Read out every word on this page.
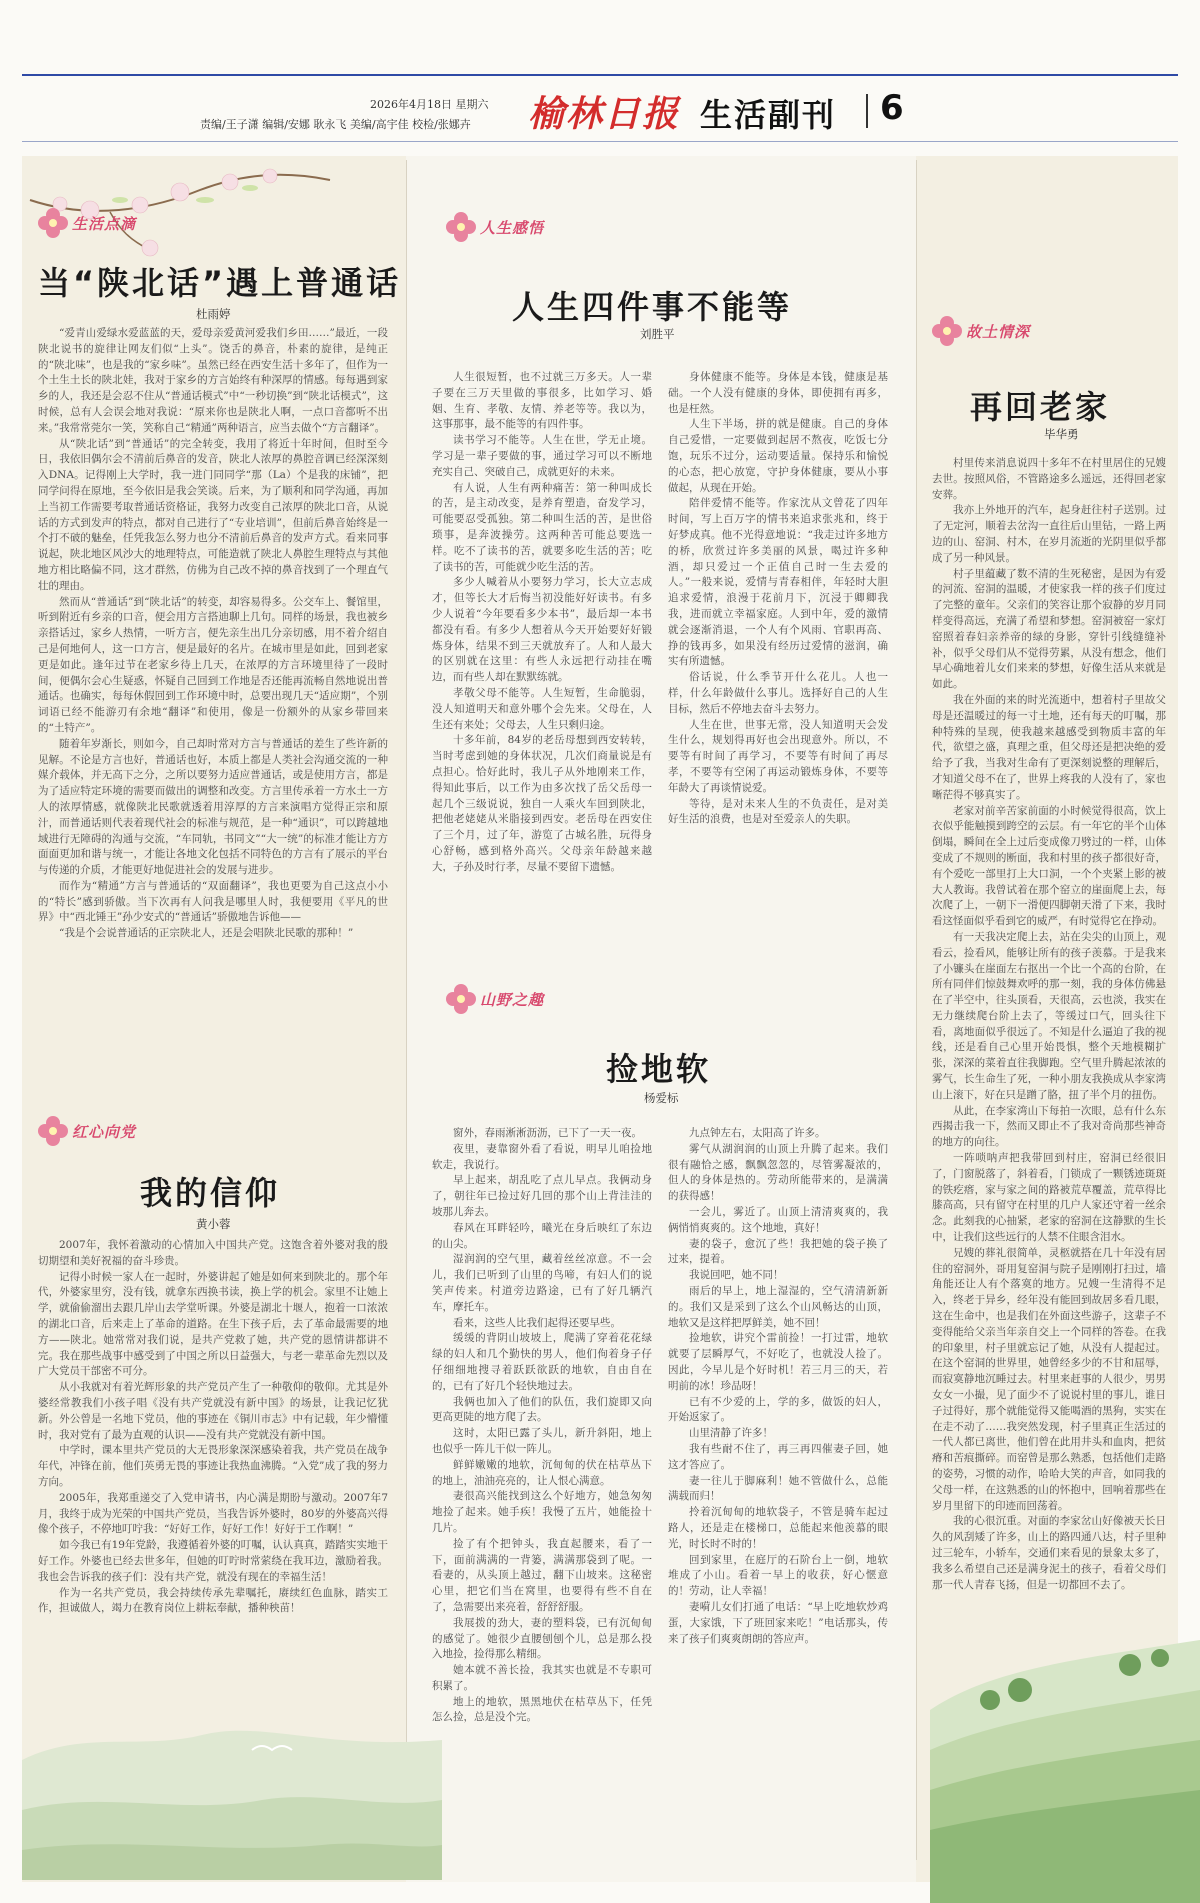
2026年4月18日 星期六
责编/王子潇 编辑/安娜 耿永飞 美编/高宇佳 校检/张娜卉 榆林日报 生活副刊 6
生活点滴
当“陕北话”遇上普通话
杜雨婷

“爱青山爱绿水爱蓝蓝的天，爱母亲爱黄河爱我们乡田……”最近，一段陕北说书的旋律让网友们似“上头”。饶舌的鼻音，朴素的旋律，是纯正的“陕北味”，也是我的“家乡味”。虽然已经在西安生活十多年了，但作为一个土生土长的陕北娃，我对于家乡的方言始终有种深厚的情感。每每遇到家乡的人，我还是会忍不住从“普通话模式”中“一秒切换”到“陕北话模式”，这时候，总有人会误会地对我说：“原来你也是陕北人啊，一点口音都听不出来。”我常常莞尔一笑，笑称自己“精通”两种语言，应当去做个“方言翻译”。

从“陕北话”到“普通话”的完全转变，我用了将近十年时间，但时至今日，我依旧偶尔会不清前后鼻音的发音，陕北人浓厚的鼻腔音调已经深深刻入DNA。记得刚上大学时，我一进门同同学“那（La）个是我的床铺”，把同学问得在原地，至今依旧是我会笑谈。后来，为了顺利和同学沟通，再加上当初工作需要考取普通话资格证，我努力改变自己浓厚的陕北口音，从说话的方式到发声的特点，都对自己进行了“专业培训”，但前后鼻音始终是一个打不破的魅垒，任凭我怎么努力也分不清前后鼻音的发声方式。看来同事说起，陕北地区风沙大的地理特点，可能造就了陕北人鼻腔生理特点与其他地方相比略偏不同，这才群然，仿佛为自己改不掉的鼻音找到了一个理直气壮的理由。

然而从“普通话”到“陕北话”的转变，却容易得多。公交车上、餐馆里，听到附近有乡亲的口音，便会用方言搭迪聊上几句。同样的场景，我也被乡亲搭话过，家乡人热情，一听方言，便先亲生出几分亲切感，用不着介绍自己是何地何人，这一口方言，便是最好的名片。在城市里是如此，回到老家更是如此。逢年过节在老家乡待上几天，在浓厚的方言环境里待了一段时间，便偶尔会心生疑惑，怀疑自己回到工作地是否还能再流畅自然地说出普通话。也确实，每每休假回到工作环境中时，总要出现几天“适应期”，个别词语已经不能游刃有余地“翻译”和使用，像是一份额外的从家乡带回来的“土特产”。

随着年岁渐长，则如今，自己却时常对方言与普通话的差生了些许新的见解。不论是方言也好，普通话也好，本质上都是人类社会沟通交流的一种媒介载体，并无高下之分，之所以要努力适应普通话，或是使用方言，都是为了适应特定环境的需要而做出的调整和改变。方言里传承着一方水土一方人的浓厚情感，就像陕北民歌就透着用淳厚的方言来演唱方觉得正宗和原汁，而普通话则代表着现代社会的标准与规范，是一种“通识”，可以跨越地域进行无障碍的沟通与交流，“车同轨，书同文”“大一统”的标准才能让方方面面更加和谐与统一，才能让各地文化包括不同特色的方言有了展示的平台与传递的介质，才能更好地促进社会的发展与进步。

而作为“精通”方言与普通话的“双面翻译”，我也更要为自己这点小小的“特长”感到骄傲。当下次再有人问我是哪里人时，我便要用《平凡的世界》中“西北锤王”孙少安式的“普通话”骄傲地告诉他——

“我是个会说普通话的正宗陕北人，还是会唱陕北民歌的那种！”

红心向党
我的信仰
黄小蓉

2007年，我怀着激动的心情加入中国共产党。这饱含着外婆对我的殷切期望和美好祝福的奋斗珍贵。

记得小时候一家人在一起时，外婆讲起了她是如何来到陕北的。那个年代，外婆家里穷，没有钱，就拿东西换书读，换上学的机会。家里不让她上学，就偷偷溜出去跟几岸山去学堂听课。外婆是湖北十堰人，抱着一口浓浓的湖北口音，后来走上了革命的道路。在生下孩子后，去了革命最需要的地方——陕北。她常常对我们说，是共产党救了她，共产党的恩情讲都讲不完。我在那些战事中感受到了中国之所以日益强大，与老一辈革命先烈以及广大党员干部密不可分。

从小我就对有着光辉形象的共产党员产生了一种敬仰的敬仰。尤其是外婆经常教我们小孩子唱《没有共产党就没有新中国》的场景，让我记忆犹新。外公曾是一名地下党员，他的事迹在《铜川市志》中有记载，年少懵懂时，我对党有了最为直观的认识——没有共产党就没有新中国。

中学时，课本里共产党员的大无畏形象深深感染着我，共产党员在战争年代，冲锋在前，他们英勇无畏的事迹让我热血沸腾。“入党”成了我的努力方向。

2005年，我郑重递交了入党申请书，内心满是期盼与激动。2007年7月，我终于成为光荣的中国共产党员，当我告诉外婆时，80岁的外婆高兴得像个孩子，不停地叮咛我：“好好工作，好好工作！好好于工作啊！”

如今我已有19年党龄，我遵循着外婆的叮嘱，认认真真，踏踏实实地干好工作。外婆也已经去世多年，但她的叮咛时常萦绕在我耳边，激励着我。我也会告诉我的孩子们：没有共产党，就没有现在的幸福生活！

作为一名共产党员，我会持续传承先辈嘱托，赓续红色血脉，踏实工作，担诚做人，竭力在教育岗位上耕耘奉献，播种秧苗！

人生感悟
人生四件事不能等
刘胜平

人生很短暂，也不过就三万多天。人一辈子要在三万天里做的事很多，比如学习、婚姻、生育、孝敬、友情、养老等等。我以为，这事那事，最不能等的有四件事。

读书学习不能等。人生在世，学无止境。学习是一辈子要做的事，通过学习可以不断地充实自己、突破自己，成就更好的未来。

有人说，人生有两种痛苦：第一种叫成长的苦，是主动改变，是养育塑造，奋发学习，可能要忍受孤独。第二种叫生活的苦，是世俗琐事，是奔波操劳。这两种苦可能总要选一样。吃不了读书的苦，就要多吃生活的苦；吃了读书的苦，可能就少吃生活的苦。

多少人喊着从小要努力学习，长大立志成才，但等长大才后悔当初没能好好读书。有多少人说着“今年要看多少本书”，最后却一本书都没有看。有多少人想着从今天开始要好好锻炼身体，结果不到三天就放弃了。人和人最大的区别就在这里：有些人永远把行动挂在嘴边，而有些人却在默默练就。

孝敬父母不能等。人生短暂，生命脆弱，没人知道明天和意外哪个会先来。父母在，人生还有来处；父母去，人生只剩归途。

十多年前，84岁的老岳母想到西安转转，当时考虑到她的身体状况，几次们商量说是有点担心。恰好此时，我儿子从外地刚来工作，得知此事后，以工作为由多次找了岳父岳母一起几个三级说说，独自一人乘火车回到陕北，把他老姥姥从米脂接到西安。老岳母在西安住了三个月，过了年，游览了古城名胜，玩得身心舒畅，感到格外高兴。父母亲年龄越来越大，子孙及时行孝，尽量不要留下遗憾。

身体健康不能等。身体是本钱，健康是基础。一个人没有健康的身体，即使拥有再多，也是枉然。

人生下半场，拼的就是健康。自己的身体自己爱惜，一定要做到起居不熬夜，吃饭七分饱，玩乐不过分，运动要适量。保持乐和愉悦的心态，把心放宽，守护身体健康，要从小事做起，从现在开始。

陪伴爱情不能等。作家沈从文曾花了四年时间，写上百万字的情书来追求张兆和，终于好梦成真。他不光得意地说：“我走过许多地方的桥，欣赏过许多美丽的风景，喝过许多种酒，却只爱过一个正值自己时一生去爱的人。”一般来说，爱情与青春相伴，年轻时大胆追求爱情，浪漫于花前月下，沉浸于卿卿我我，进而就立幸福家庭。人到中年，爱的激情就会逐渐消退，一个人有个风雨、官职再高、挣的钱再多，如果没有经历过爱情的滋润，确实有所遗憾。

俗话说，什么季节开什么花儿。人也一样，什么年龄做什么事儿。选择好自己的人生目标，然后不停地去奋斗去努力。

人生在世，世事无常，没人知道明天会发生什么，规划得再好也会出现意外。所以，不要等有时间了再学习，不要等有时间了再尽孝，不要等有空闲了再运动锻炼身体，不要等年龄大了再谈情说爱。

等待，是对未来人生的不负责任，是对美好生活的浪费，也是对至爱亲人的失职。

山野之趣
捡地软
杨爱标

窗外，春雨淅淅沥沥，已下了一天一夜。

夜里，妻靠窗外看了看说，明早儿咱捡地软走，我说行。

早上起来，胡乱吃了点儿早点。我俩动身了，朝往年已捡过好几回的那个山上背洼洼的坡那儿奔去。

春风在耳畔轻吟，曦光在身后映红了东边的山尖。

湿润润的空气里，藏着丝丝凉意。不一会儿，我们已听到了山里的鸟啼，有妇人们的说笑声传来。村道旁边路途，已有了好几辆汽车，摩托车。

看来，这些人比我们起得还要早些。

缓缓的背阴山坡坡上，爬满了穿着花花绿绿的妇人和几个勤快的男人，他们佝着身子仔仔细细地搜寻着跃跃欲跃的地软，自由自在的，已有了好几个轻快地过去。

我俩也加入了他们的队伍，我们旋即又向更高更陡的地方爬了去。

这时，太阳已露了头儿，新升斜阳，地上也似乎一阵儿干似一阵儿。

鲜鲜嫩嫩的地软，沉甸甸的伏在枯草丛下的地上，油油亮亮的，让人恨心满意。

妻很高兴能找到这么个好地方，她急匆匆地捡了起来。她手疾！我慢了五片，她能捡十几片。

捡了有个把钟头，我直起腰来，看了一下，面前满满的一背篓，满满那袋到了呢。一看妻的，从头顶上越过，翻下山坡来。这秘密心里，把它们当在窝里，也要得有些不自在了，急需要出来亮着，舒舒舒服。

我展拨的劲大，妻的塑料袋，已有沉甸甸的感觉了。她很少直腰刨刨个儿，总是那么投入地捡，捡得那么精细。

她本就不善长捡，我其实也就是不专职可积累了。

地上的地软，黑黑地伏在枯草丛下，任凭怎么捡，总是没个完。

九点钟左右，太阳高了许多。

雾气从湖润润的山顶上升腾了起来。我们很有融恰之感，飘飘忽忽的，尽管雾凝浓的，但人的身体是热的。劳动所能带来的，是满满的获得感！

一会儿，雾近了。山顶上清清爽爽的，我俩悄悄爽爽的。这个地地，真好！

妻的袋子，愈沉了些！我把她的袋子换了过来，提着。

我说回吧，她不同！

雨后的早上，地上湿湿的，空气清清新新的。我们又是采到了这么个山风畅达的山顶，地软又是这样把厚鲜美，她不回！

捡地软，讲究个雷前捡！一打过雷，地软就要了层瞬厚气，不好吃了，也就没人捡了。因此，今早儿是个好时机！若三月三的天，若明前的冰！珍品呀！

已有不少爱的上，学的多，做饭的妇人，开始返家了。

山里清静了许多！

我有些耐不住了，再三再四催妻子回，她这才答应了。

妻一往儿于脚麻利！她不管做什么，总能满载而归！

拎着沉甸甸的地软袋子，不管是骑车起过路人，还是走在楼梯口，总能起来他羡慕的眼光，时长时不时的！

回到家里，在庭厅的石阶台上一倒，地软堆成了小山。看着一早上的收获，好心惬意的！劳动，让人幸福！

妻嗬儿女们打通了电话：“早上吃地软炒鸡蛋，大家饿，下了班回家来吃！”电话那头，传来了孩子们爽爽朗朗的答应声。

故土情深
再回老家
毕华勇

村里传来消息说四十多年不在村里居住的兄嫂去世。按照风俗，不管路途多么遥远，还得回老家安葬。

我亦上外地开的汽车，起身赶往村子送别。过了无定河，顺着去岔沟一直往后山里钻，一路上两边的山、窑洞、村木，在岁月流逝的光阴里似乎都成了另一种风景。

村子里蕴藏了数不清的生死秘密，是因为有爱的河流、窑洞的温暖，才使家我一样的孩子们度过了完整的童年。父亲们的笑容让那个寂静的岁月同样变得高远，充满了希望和梦想。窑洞被窑一家灯窑照着春妇亲养帝的绿的身影，穿针引线缝缝补补，似乎父母们从不觉得劳累，从没有想念，他们早心确地着儿女们来来的梦想，好像生活从来就是如此。

我在外面的来的时光流逝中，想着村子里故父母是还温暖过的每一寸土地，还有每天的叮嘱，那种特殊的呈现，使我越来越感受到物质丰富的年代，欲望之盛，真理之重，但父母还是把决绝的爱给予了我，当我对生命有了更深刻说整的理解后，才知道父母不在了，世界上疼我的人没有了，家也晰茫得不够真实了。

老家对前辛苦家前面的小时候觉得很高，饮上衣似乎能触摸到跨空的云层。有一年它的半个山体倒塌，瞬间在全上过后变成像刀劈过的一样，山体变成了不规则的断面，我和村里的孩子都很好奇，有个爱吃一部里打上大口洞，一个个夹紧上影的被大人教诲。我曾试着在那个窑立的崖面爬上去，每次爬了上，一朝下一滑便四脚朝天滑了下来，我时看这怪面似乎看到它的威严，有时觉得它在挣动。

有一天我决定爬上去，站在尖尖的山顶上，观看云，捡看风，能够让所有的孩子羡慕。于是我来了小镰头在崖面左右抠出一个比一个高的台阶，在所有同伴们惊鼓舞欢呼的那一刻，我的身体仿佛悬在了半空中，往头顶看，天很高，云也淡，我实在无力继续爬台阶上去了，等缓过口气，回头往下看，离地面似乎很远了。不知是什么逼迫了我的视线，还是看自己心里开始畏惧，整个天地模糊扩张，深深的菜着直往我脚跑。空气里升腾起浓浓的雾气，长生命生了死，一种小朋友我换成从李家湾山上滚下，好在只是蹭了胳，扭了半个月的扭伤。

从此，在李家湾山下每拍一次眼，总有什么东西揭击我一下，然而又即止不了我对奇尚那些神奇的地方的向往。

一阵唢呐声把我带回到村庄，窑洞已经很旧了，门窗脱落了，斜着看，门锁成了一颗锈迹斑斑的铁疙瘩，家与家之间的路被荒草覆盖，荒草得比膝高高，只有留守在村里的几户人家还守着一丝余念。此刻我的心抽紧，老家的窑洞在这静默的生长中，让我们这些远行的人禁不住眼含泪水。

兄嫂的葬礼很简单，灵柩就搭在几十年没有居住的窑洞外，哥用复窑洞与院子是刚刚打扫过，墙角能还让人有个落寞的地方。兄嫂一生清得不足入，终老于异乡，经年没有能回到故居多看几眼，这在生命中，也是我们在外面这些游子，这辈子不变得能给父亲当年亲自交上一个同样的答卷。在我的印象里，村子里就忘记了她，从没有人提起过。在这个窑洞的世界里，她曾经多少的不甘和屈辱，而寂寞静地沉睡过去。村里来赶事的人很少，男男女女一小撮，见了面少不了说说村里的事儿，谁日子过得好，那个就能觉得又能喝酒的黑狗，实实在在走不动了……我突然发现，村子里真正生活过的一代人都已离世，他们曾在此用井头和血肉，把贫瘠和苦痕撕碎。而窑曾是那么熟悉，包括他们走路的姿势，习惯的动作，哈哈大笑的声音，如同我的父母一样，在这熟悉的山的怀抱中，回响着那些在岁月里留下的印迹而回荡着。

我的心很沉重。对面的李家岔山好像被天长日久的风刮矮了许多，山上的路四通八达，村子里种过三轮车，小轿车，交通们来看见的景象太多了，我多么希望自己还是满身泥土的孩子，看着父母们那一代人青春飞扬，但是一切都回不去了。
